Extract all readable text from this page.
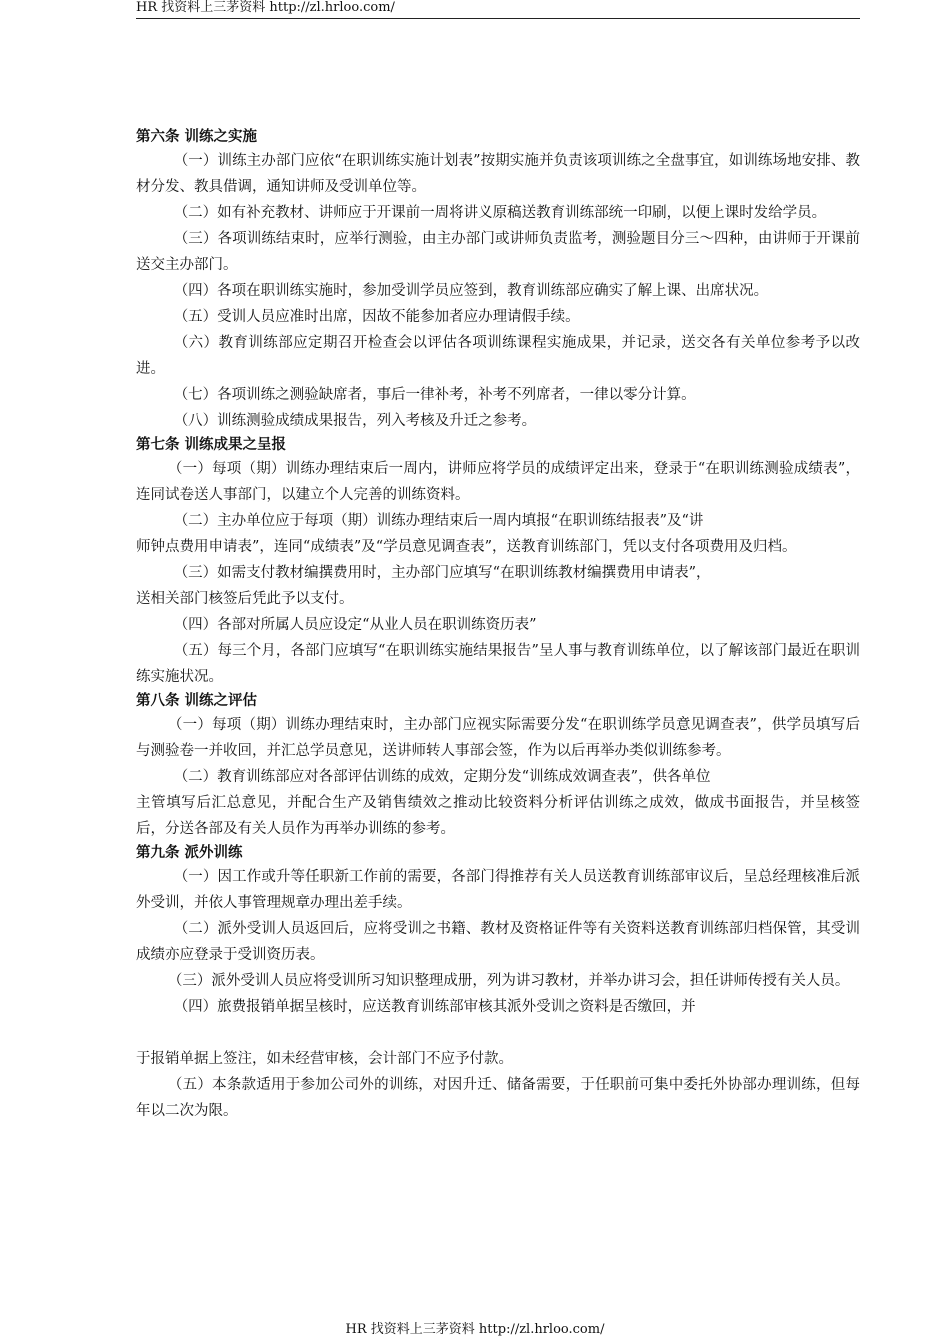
HR 找资料上三茅资料 http://zl.hrloo.com/
第六条 训练之实施
（一）训练主办部门应依“在职训练实施计划表”按期实施并负责该项训练之全盘事宜，如训练场地安排、教材分发、教具借调，通知讲师及受训单位等。
（二）如有补充教材、讲师应于开课前一周将讲义原稿送教育训练部统一印刷，以便上课时发给学员。
（三）各项训练结束时，应举行测验，由主办部门或讲师负责监考，测验题目分三～四种，由讲师于开课前送交主办部门。
（四）各项在职训练实施时，参加受训学员应签到，教育训练部应确实了解上课、出席状况。
（五）受训人员应准时出席，因故不能参加者应办理请假手续。
（六）教育训练部应定期召开检查会以评估各项训练课程实施成果，并记录，送交各有关单位参考予以改进。
（七）各项训练之测验缺席者，事后一律补考，补考不列席者，一律以零分计算。
（八）训练测验成绩成果报告，列入考核及升迁之参考。
第七条 训练成果之呈报
（一）每项（期）训练办理结束后一周内，讲师应将学员的成绩评定出来，登录于“在职训练测验成绩表”，连同试卷送人事部门，以建立个人完善的训练资料。
（二）主办单位应于每项（期）训练办理结束后一周内填报“在职训练结报表”及“讲
师钟点费用申请表”，连同“成绩表”及“学员意见调查表”，送教育训练部门，凭以支付各项费用及归档。
（三）如需支付教材编撰费用时，主办部门应填写“在职训练教材编撰费用申请表”，
送相关部门核签后凭此予以支付。
（四）各部对所属人员应设定“从业人员在职训练资历表”
（五）每三个月，各部门应填写“在职训练实施结果报告”呈人事与教育训练单位，以了解该部门最近在职训练实施状况。
第八条 训练之评估
（一）每项（期）训练办理结束时，主办部门应视实际需要分发“在职训练学员意见调查表”，供学员填写后与测验卷一并收回，并汇总学员意见，送讲师转人事部会签，作为以后再举办类似训练参考。
（二）教育训练部应对各部评估训练的成效，定期分发“训练成效调查表”，供各单位
主管填写后汇总意见，并配合生产及销售绩效之推动比较资料分析评估训练之成效，做成书面报告，并呈核签后，分送各部及有关人员作为再举办训练的参考。
第九条 派外训练
（一）因工作或升等任职新工作前的需要，各部门得推荐有关人员送教育训练部审议后，呈总经理核准后派外受训，并依人事管理规章办理出差手续。
（二）派外受训人员返回后，应将受训之书籍、教材及资格证件等有关资料送教育训练部归档保管，其受训成绩亦应登录于受训资历表。
（三）派外受训人员应将受训所习知识整理成册，列为讲习教材，并举办讲习会，担任讲师传授有关人员。
（四）旅费报销单据呈核时，应送教育训练部审核其派外受训之资料是否缴回，并
于报销单据上签注，如未经营审核，会计部门不应予付款。
（五）本条款适用于参加公司外的训练，对因升迁、储备需要，于任职前可集中委托外协部办理训练，但每年以二次为限。
HR 找资料上三茅资料 http://zl.hrloo.com/
